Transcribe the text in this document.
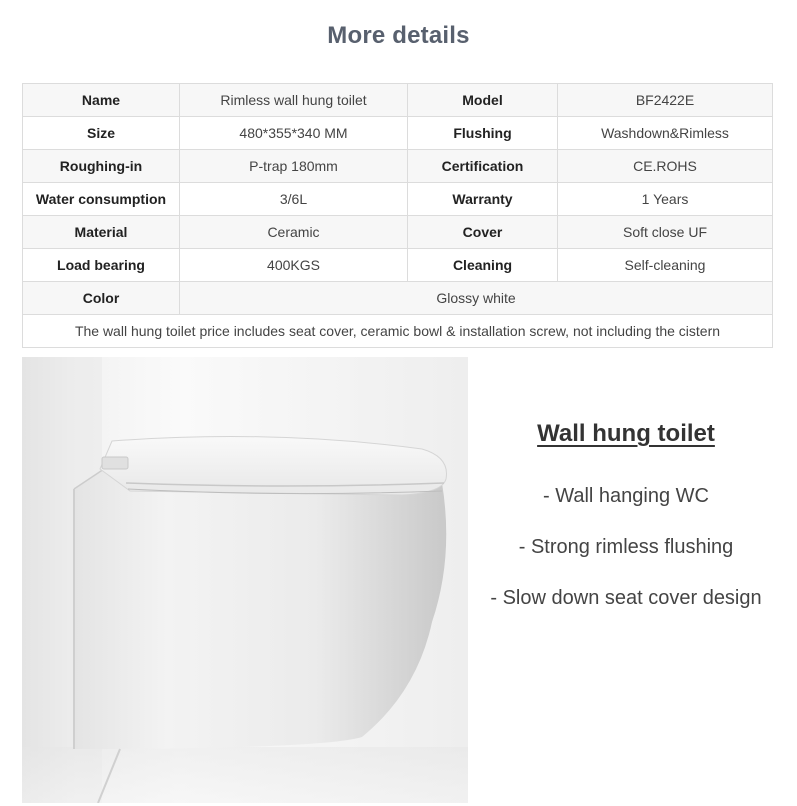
More details
Name	Rimless wall hung toilet	Model	BF2422E
Size	480*355*340 MM	Flushing	Washdown&Rimless
Roughing-in	P-trap 180mm	Certification	CE.ROHS
Water consumption	3/6L	Warranty	1 Years
Material	Ceramic	Cover	Soft close UF
Load bearing	400KGS	Cleaning	Self-cleaning
Color	Glossy white		
The wall hung toilet price includes seat cover, ceramic bowl & installation screw, not including the cistern			
Wall hung toilet
- Wall hanging WC
- Strong rimless flushing
- Slow down seat cover design
